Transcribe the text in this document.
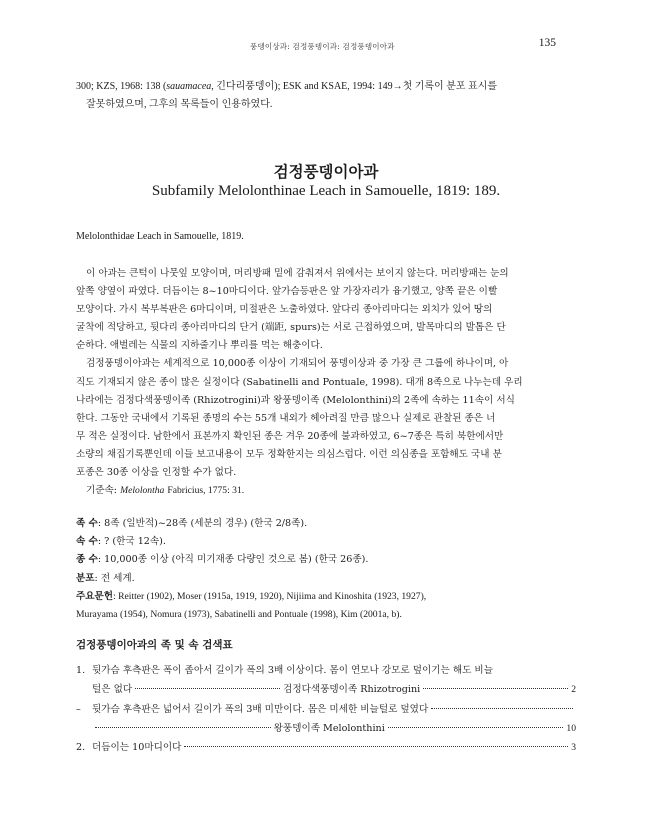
풍뎅이상과: 검정풍뎅이과: 검정풍뎅이아과	135
300; KZS, 1968: 138 (sauamacea, 긴다리풍뎅이); ESK and KSAE, 1994: 149→첫 기록이 분포 표시를
잘못하였으며, 그후의 목록들이 인용하였다.
검정풍뎅이아과
Subfamily Melolonthinae Leach in Samouelle, 1819: 189.
Melolonthidae Leach in Samouelle, 1819.
이 아과는 큰턱이 나뭇잎 모양이며, 머리방패 밑에 감춰져서 위에서는 보이지 않는다. 머리방패는 눈의
앞쪽 양옆이 파였다. 더듬이는 8~10마디이다. 앞가슴등판은 앞 가장자리가 융기했고, 양쪽 끝은 이빨
모양이다. 가시 복부복판은 6마디이며, 미절판은 노출하였다. 앞다리 종아리마디는 외치가 있어 땅의
굴착에 적당하고, 뒷다리 종아리마디의 단거 (端距, spurs)는 서로 근접하였으며, 발목마디의 발톱은 단
순하다. 애벌레는 식물의 지하줄기나 뿌리를 먹는 해충이다.
검정풍뎅이아과는 세계적으로 10,000종 이상이 기재되어 풍뎅이상과 중 가장 큰 그룹에 하나이며, 아
직도 기재되지 않은 종이 많은 실정이다 (Sabatinelli and Pontuale, 1998). 대개 8족으로 나누는데 우리
나라에는 검정다색풍뎅이족 (Rhizotrogini)과 왕풍뎅이족 (Melolonthini)의 2족에 속하는 11속이 서식
한다. 그동안 국내에서 기록된 종명의 수는 55개 내외가 헤아려질 만큼 많으나 실제로 관찰된 종은 너
무 적은 실정이다. 남한에서 표본까지 확인된 종은 겨우 20종에 불과하였고, 6~7종은 특히 북한에서만
소량의 채집기록뿐인데 이들 보고내용이 모두 정확한지는 의심스럽다. 이런 의심종을 포함해도 국내 분
포종은 30종 이상을 인정할 수가 없다.
기준속: Melolontha Fabricius, 1775: 31.
족 수: 8족 (일반적)~28족 (세분의 경우) (한국 2/8족).
속 수: ? (한국 12속).
종 수: 10,000종 이상 (아직 미기재종 다량인 것으로 봄) (한국 26종).
분포: 전 세계.
주요문헌: Reitter (1902), Moser (1915a, 1919, 1920), Nijiima and Kinoshita (1923, 1927),
Murayama (1954), Nomura (1973), Sabatinelli and Pontuale (1998), Kim (2001a, b).
검정풍뎅이아과의 족 및 속 검색표
1. 뒷가슴 후측판은 폭이 좁아서 길이가 폭의 3배 이상이다. 몸이 연모나 강모로 덮이기는 해도 비늘
털은 없다	검정다색풍뎅이족 Rhizotrogini	2
–	뒷가슴 후측판은 넓어서 길이가 폭의 3배 미만이다. 몸은 미세한 비늘털로 덮였다
왕풍뎅이족 Melolonthini	10
2. 더듬이는 10마디이다	3
